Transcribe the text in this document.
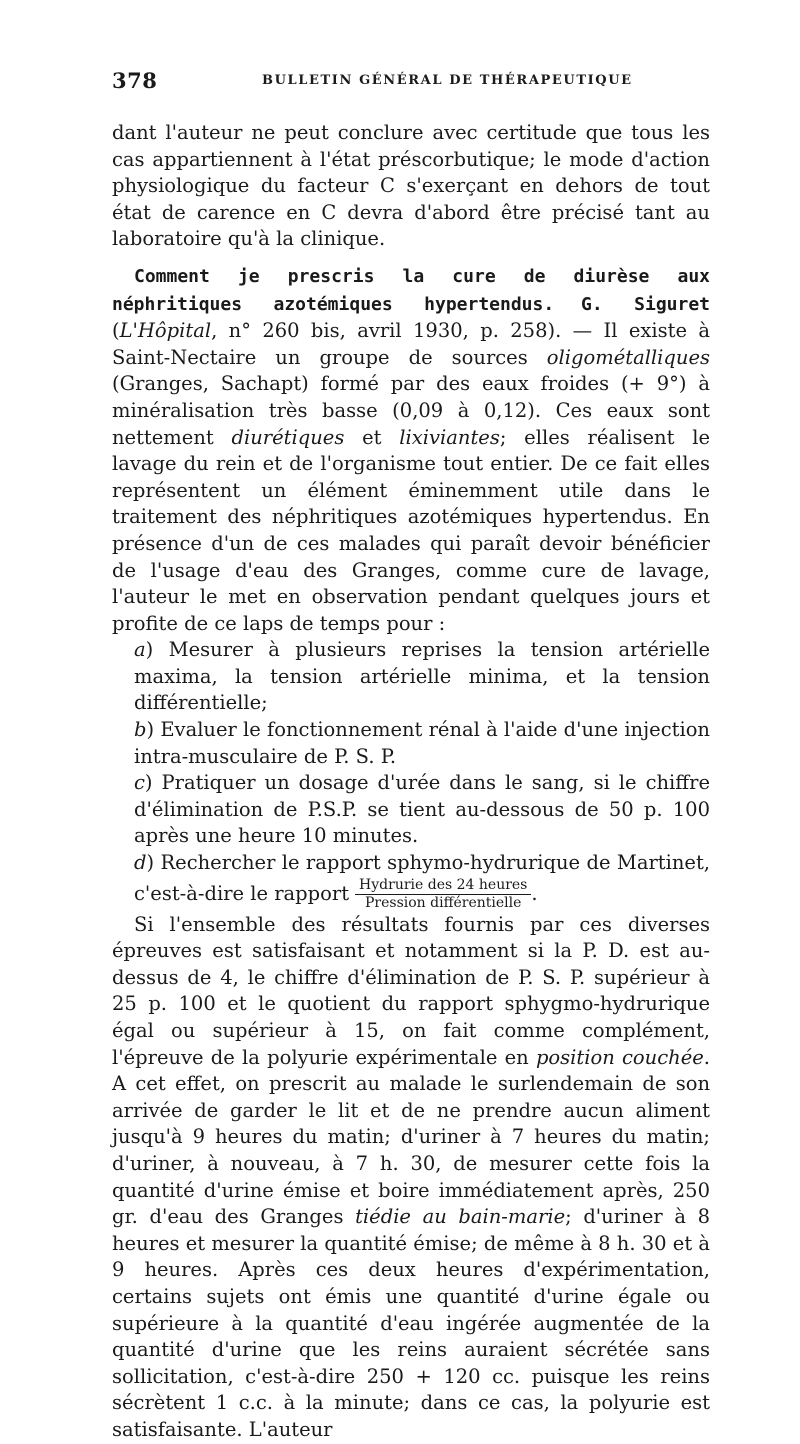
378	BULLETIN GÉNÉRAL DE THÉRAPEUTIQUE

dant l'auteur ne peut conclure avec certitude que tous les cas appartiennent à l'état préscorbutique; le mode d'action physiologique du facteur C s'exerçant en dehors de tout état de carence en C devra d'abord être précisé tant au laboratoire qu'à la clinique.

Comment je prescris la cure de diurèse aux néphritiques azotémiques hypertendus. G. Siguret (L'Hôpital, n° 260 bis, avril 1930, p. 258). — Il existe à Saint-Nectaire un groupe de sources oligométalliques (Granges, Sachapt) formé par des eaux froides (+ 9°) à minéralisation très basse (0,09 à 0,12). Ces eaux sont nettement diurétiques et lixiviantes; elles réalisent le lavage du rein et de l'organisme tout entier. De ce fait elles représentent un élément éminemment utile dans le traitement des néphritiques azotémiques hypertendus. En présence d'un de ces malades qui paraît devoir bénéficier de l'usage d'eau des Granges, comme cure de lavage, l'auteur le met en observation pendant quelques jours et profite de ce laps de temps pour :

a) Mesurer à plusieurs reprises la tension artérielle maxima, la tension artérielle minima, et la tension différentielle;

b) Evaluer le fonctionnement rénal à l'aide d'une injection intra-musculaire de P. S. P.

c) Pratiquer un dosage d'urée dans le sang, si le chiffre d'élimination de P.S.P. se tient au-dessous de 50 p. 100 après une heure 10 minutes.

d) Rechercher le rapport sphymo-hydrurique de Martinet, c'est-à-dire le rapport $\frac{\text{Hydrurie des 24 heures}}{\text{Pression différentielle}}$ .

Si l'ensemble des résultats fournis par ces diverses épreuves est satisfaisant et notamment si la P. D. est au-dessus de 4, le chiffre d'élimination de P. S. P. supérieur à 25 p. 100 et le quotient du rapport sphygmo-hydrurique égal ou supérieur à 15, on fait comme complément, l'épreuve de la polyurie expérimentale en position couchée. A cet effet, on prescrit au malade le surlendemain de son arrivée de garder le lit et de ne prendre aucun aliment jusqu'à 9 heures du matin; d'uriner à 7 heures du matin; d'uriner, à nouveau, à 7 h. 30, de mesurer cette fois la quantité d'urine émise et boire immédiatement après, 250 gr. d'eau des Granges tiédie au bain-marie; d'uriner à 8 heures et mesurer la quantité émise; de même à 8 h. 30 et à 9 heures. Après ces deux heures d'expérimentation, certains sujets ont émis une quantité d'urine égale ou supérieure à la quantité d'eau ingérée augmentée de la quantité d'urine que les reins auraient sécrétée sans sollicitation, c'est-à-dire 250 + 120 cc. puisque les reins sécrètent 1 c.c. à la minute; dans ce cas, la polyurie est satisfaisante. L'auteur
